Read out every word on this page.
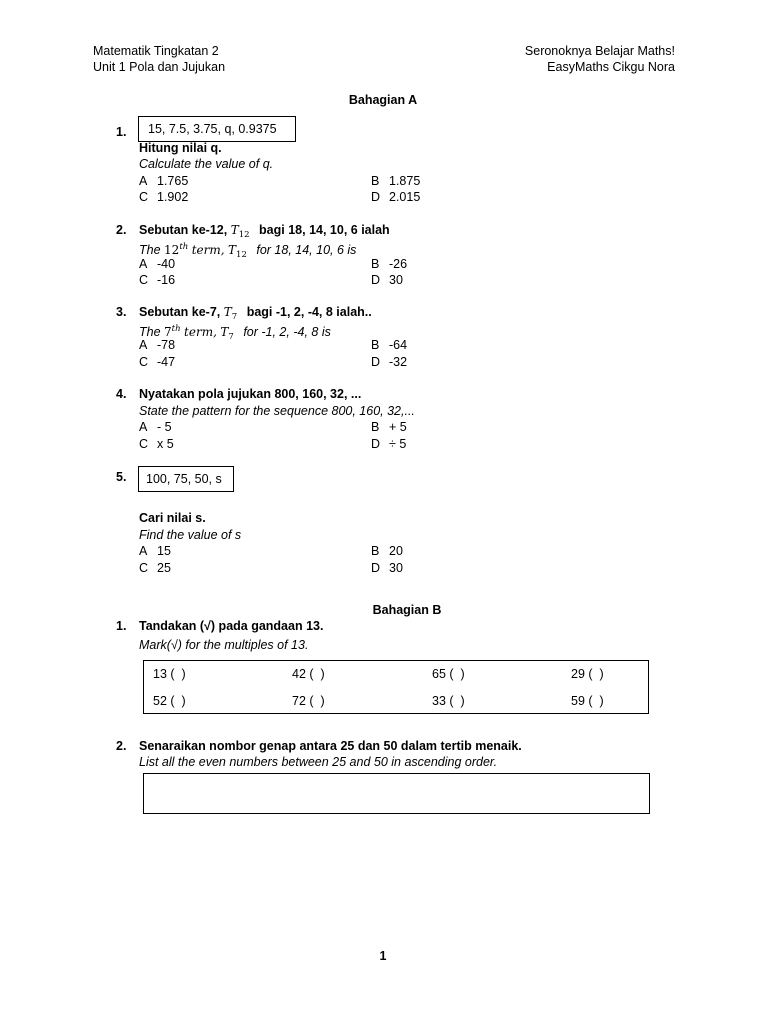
Matematik Tingkatan 2
Unit 1 Pola dan Jujukan
Seronoknya Belajar Maths!
EasyMaths Cikgu Nora
Bahagian A
1. 15, 7.5, 3.75, q, 0.9375
Hitung nilai q.
Calculate the value of q.
A 1.765	B 1.875
C 1.902	D 2.015
2. Sebutan ke-12, $T_{12}$ bagi 18, 14, 10, 6 ialah
The 12th term, $T_{12}$ for 18, 14, 10, 6 is
A -40	B -26
C -16	D 30
3. Sebutan ke-7, $T_7$ bagi -1, 2, -4, 8 ialah..
The 7th term, $T_7$ for -1, 2, -4, 8 is
A -78	B -64
C -47	D -32
4. Nyatakan pola jujukan 800, 160, 32, ...
State the pattern for the sequence 800, 160, 32,...
A - 5	B + 5
C x 5	D ÷ 5
5. 100, 75, 50, s
Cari nilai s.
Find the value of s
A 15	B 20
C 25	D 30
Bahagian B
1. Tandakan (√) pada gandaan 13.
Mark(√) for the multiples of 13.
13 (  )	42 (  )	65 (  )	29 (  )
52 (  )	72 (  )	33 (  )	59 (  )
2. Senaraikan nombor genap antara 25 dan 50 dalam tertib menaik.
List all the even numbers between 25 and 50 in ascending order.
1
